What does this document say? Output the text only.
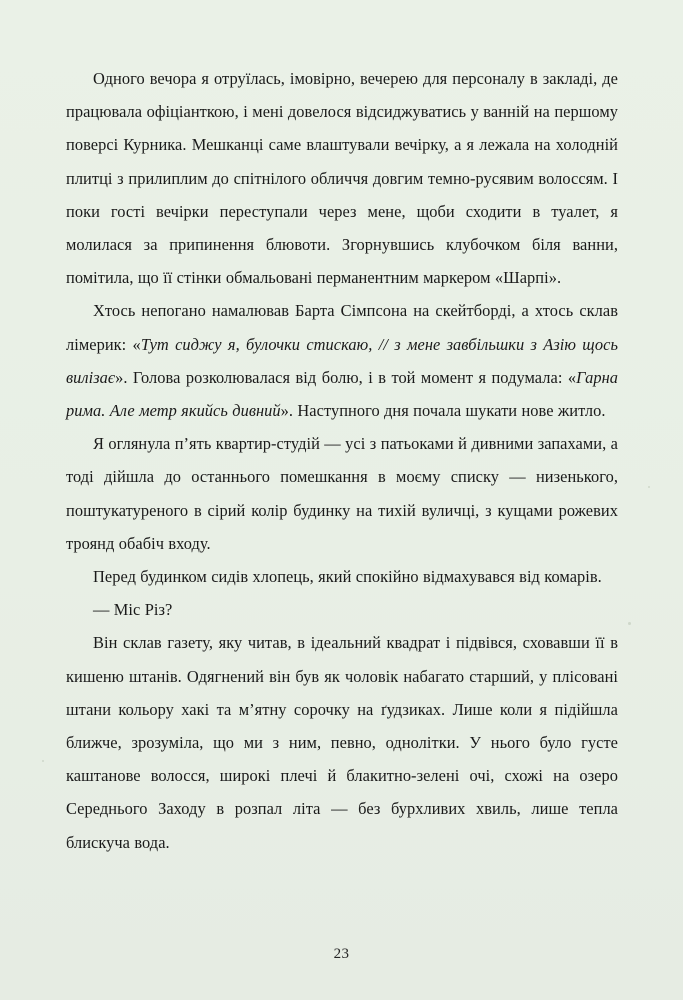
Одного вечора я отруїлась, імовірно, вечерею для персоналу в закладі, де працювала офіціанткою, і мені довелося відсиджуватись у ванній на першому поверсі Курника. Мешканці саме влаштували вечірку, а я лежала на холодній плитці з прилиплим до спітнілого обличчя довгим темно-русявим волоссям. І поки гості вечірки переступали через мене, щоби сходити в туалет, я молилася за припинення блювоти. Згорнувшись клубочком біля ванни, помітила, що її стінки обмальовані перманентним маркером «Шарпі».

Хтось непогано намалював Барта Сімпсона на скейтборді, а хтось склав лімерик: «Тут сиджу я, булочки стискаю, // з мене завбільшки з Азію щось вилізає». Голова розколювалася від болю, і в той момент я подумала: «Гарна рима. Але метр якийсь дивний». Наступного дня почала шукати нове житло.

Я оглянула п’ять квартир-студій — усі з патьоками й дивними запахами, а тоді дійшла до останнього помешкання в моєму списку — низенького, поштукатуреного в сірий колір будинку на тихій вуличці, з кущами рожевих троянд обабіч входу.

Перед будинком сидів хлопець, який спокійно відмахувався від комарів.

— Міс Різ?

Він склав газету, яку читав, в ідеальний квадрат і підвівся, сховавши її в кишеню штанів. Одягнений він був як чоловік набагато старший, у плісовані штани кольору хакі та м’ятну сорочку на ґудзиках. Лише коли я підійшла ближче, зрозуміла, що ми з ним, певно, однолітки. У нього було густе каштанове волосся, широкі плечі й блакитно-зелені очі, схожі на озеро Середнього Заходу в розпал літа — без бурхливих хвиль, лише тепла блискуча вода.

23
